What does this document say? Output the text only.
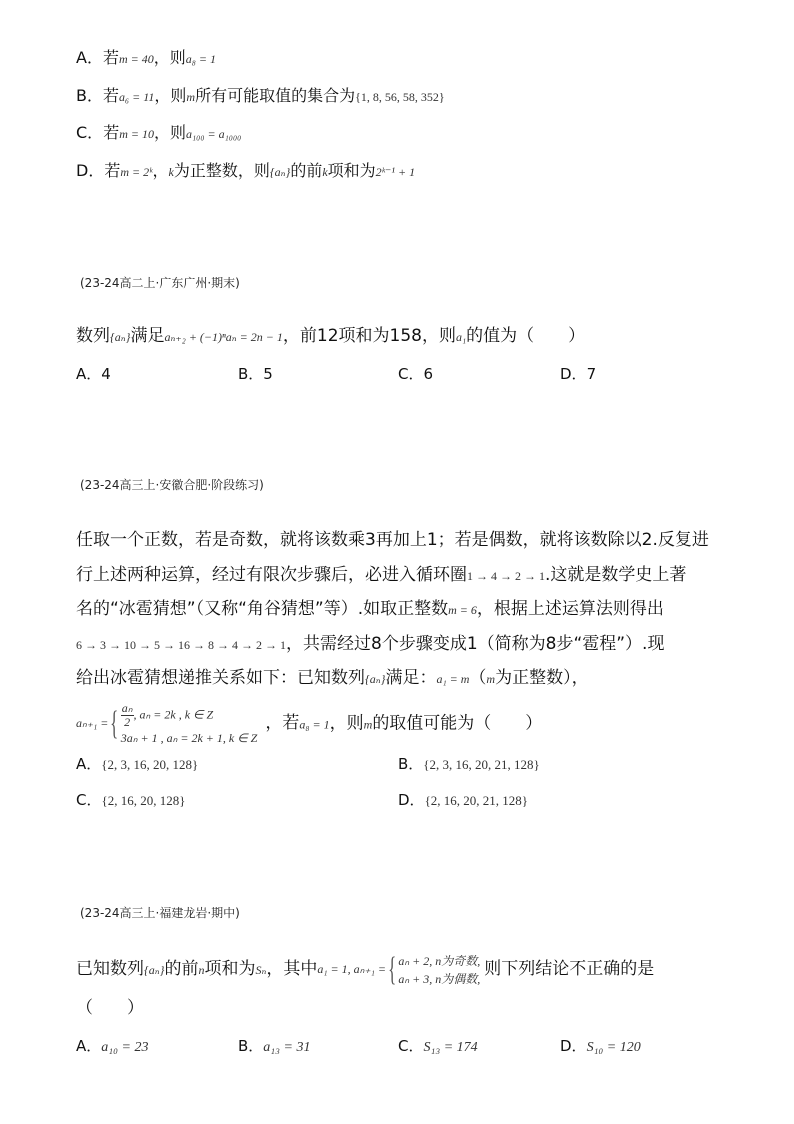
A．若m = 40，则a₈ = 1
B．若a₆ = 11，则m所有可能取值的集合为{1, 8, 56, 58, 352}
C．若m = 10，则a₁₀₀ = a₁₀₀₀
D．若m = 2ᵏ，k为正整数，则{aₙ}的前k项和为2ᵏ⁻¹ + 1
(23-24高二上·广东广州·期末)
数列{aₙ}满足aₙ₊₂ + (−1)ⁿaₙ = 2n − 1，前12项和为158，则a₁的值为（　　）
A．4	B．5	C．6	D．7
(23-24高三上·安徽合肥·阶段练习)
任取一个正数，若是奇数，就将该数乘3再加上1；若是偶数，就将该数除以2.反复进
行上述两种运算，经过有限次步骤后，必进入循环圈1 → 4 → 2 → 1.这就是数学史上著
名的“冰雹猜想”（又称“角谷猜想”等）.如取正整数m = 6，根据上述运算法则得出
6 → 3 → 10 → 5 → 16 → 8 → 4 → 2 → 1，共需经过8个步骤变成1（简称为8步“雹程”）.现
给出冰雹猜想递推关系如下：已知数列{aₙ}满足：a₁ = m（m为正整数），
aₙ₊₁ ={ $\frac{\text{aₙ}}{2}$ , aₙ = 2k , k ∈ Z
3aₙ + 1 , aₙ = 2k + 1, k ∈ Z
，若a₈ = 1，则m的取值可能为（　　）
A．{2, 3, 16, 20, 128}	B．{2, 3, 16, 20, 21, 128}
C．{2, 16, 20, 128}	D．{2, 16, 20, 21, 128}
(23-24高三上·福建龙岩·期中)
已知数列{aₙ}的前n项和为Sₙ，其中a₁ = 1, aₙ₊₁ ={ aₙ + 2, n为奇数,
aₙ + 3, n为偶数,
则下列结论不正确的是
（　　）
A．a₁₀ = 23	B．a₁₃ = 31	C．S₁₃ = 174	D．S₁₀ = 120
